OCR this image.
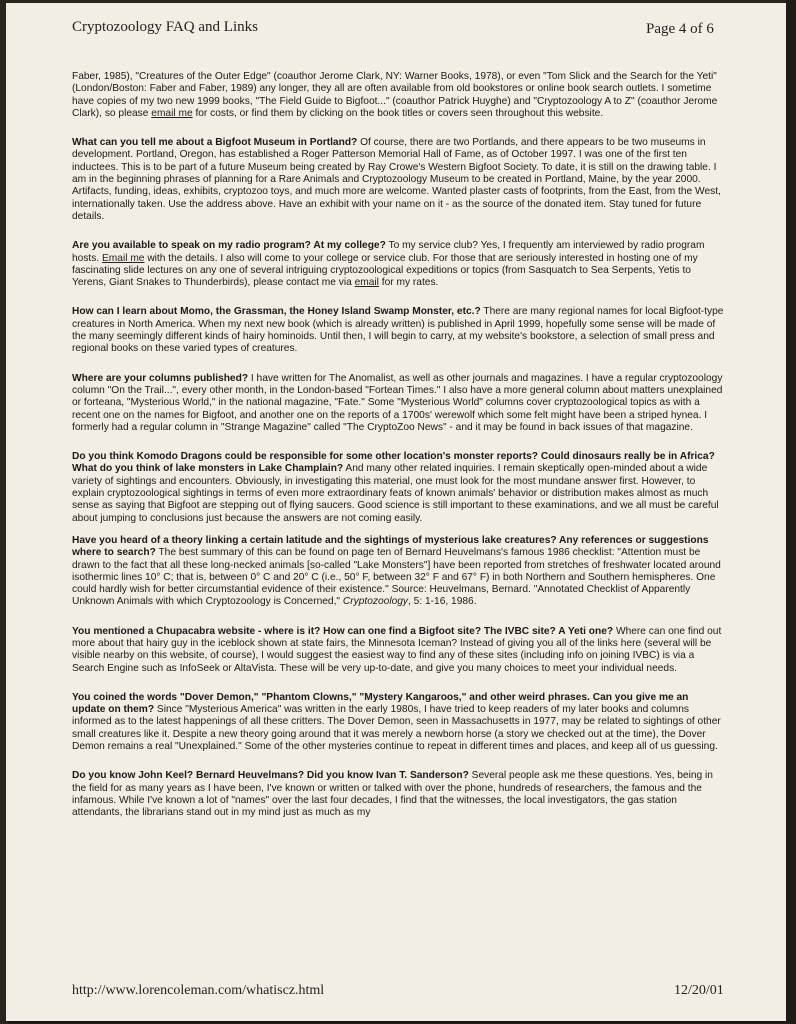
Cryptozoology FAQ and Links	Page 4 of 6

Faber, 1985), "Creatures of the Outer Edge" (coauthor Jerome Clark, NY: Warner Books, 1978), or even "Tom Slick and the Search for the Yeti" (London/Boston: Faber and Faber, 1989) any longer, they all are often available from old bookstores or online book search outlets. I sometime have copies of my two new 1999 books, "The Field Guide to Bigfoot..." (coauthor Patrick Huyghe) and "Cryptozoology A to Z" (coauthor Jerome Clark), so please email me for costs, or find them by clicking on the book titles or covers seen throughout this website.

What can you tell me about a Bigfoot Museum in Portland? Of course, there are two Portlands, and there appears to be two museums in development. Portland, Oregon, has established a Roger Patterson Memorial Hall of Fame, as of October 1997. I was one of the first ten inductees. This is to be part of a future Museum being created by Ray Crowe's Western Bigfoot Society. To date, it is still on the drawing table. I am in the beginning phrases of planning for a Rare Animals and Cryptozoology Museum to be created in Portland, Maine, by the year 2000. Artifacts, funding, ideas, exhibits, cryptozoo toys, and much more are welcome. Wanted plaster casts of footprints, from the East, from the West, internationally taken. Use the address above. Have an exhibit with your name on it - as the source of the donated item. Stay tuned for future details.

Are you available to speak on my radio program? At my college? To my service club? Yes, I frequently am interviewed by radio program hosts. Email me with the details. I also will come to your college or service club. For those that are seriously interested in hosting one of my fascinating slide lectures on any one of several intriguing cryptozoological expeditions or topics (from Sasquatch to Sea Serpents, Yetis to Yerens, Giant Snakes to Thunderbirds), please contact me via email for my rates.

How can I learn about Momo, the Grassman, the Honey Island Swamp Monster, etc.? There are many regional names for local Bigfoot-type creatures in North America. When my next new book (which is already written) is published in April 1999, hopefully some sense will be made of the many seemingly different kinds of hairy hominoids. Until then, I will begin to carry, at my website's bookstore, a selection of small press and regional books on these varied types of creatures.

Where are your columns published? I have written for The Anomalist, as well as other journals and magazines. I have a regular cryptozoology column "On the Trail...", every other month, in the London-based "Fortean Times." I also have a more general column about matters unexplained or forteana, "Mysterious World," in the national magazine, "Fate." Some "Mysterious World" columns cover cryptozoological topics as with a recent one on the names for Bigfoot, and another one on the reports of a 1700s' werewolf which some felt might have been a striped hynea. I formerly had a regular column in "Strange Magazine" called "The CryptoZoo News" - and it may be found in back issues of that magazine.

Do you think Komodo Dragons could be responsible for some other location's monster reports? Could dinosaurs really be in Africa? What do you think of lake monsters in Lake Champlain? And many other related inquiries. I remain skeptically open-minded about a wide variety of sightings and encounters. Obviously, in investigating this material, one must look for the most mundane answer first. However, to explain cryptozoological sightings in terms of even more extraordinary feats of known animals' behavior or distribution makes almost as much sense as saying that Bigfoot are stepping out of flying saucers. Good science is still important to these examinations, and we all must be careful about jumping to conclusions just because the answers are not coming easily.

Have you heard of a theory linking a certain latitude and the sightings of mysterious lake creatures? Any references or suggestions where to search? The best summary of this can be found on page ten of Bernard Heuvelmans's famous 1986 checklist: "Attention must be drawn to the fact that all these long-necked animals [so-called "Lake Monsters"] have been reported from stretches of freshwater located around isothermic lines 10° C; that is, between 0° C and 20° C (i.e., 50° F, between 32° F and 67° F) in both Northern and Southern hemispheres. One could hardly wish for better circumstantial evidence of their existence." Source: Heuvelmans, Bernard. "Annotated Checklist of Apparently Unknown Animals with which Cryptozoology is Concerned," Cryptozoology, 5: 1-16, 1986.

You mentioned a Chupacabra website - where is it? How can one find a Bigfoot site? The IVBC site? A Yeti one? Where can one find out more about that hairy guy in the iceblock shown at state fairs, the Minnesota Iceman? Instead of giving you all of the links here (several will be visible nearby on this website, of course), I would suggest the easiest way to find any of these sites (including info on joining IVBC) is via a Search Engine such as InfoSeek or AltaVista. These will be very up-to-date, and give you many choices to meet your individual needs.

You coined the words "Dover Demon," "Phantom Clowns," "Mystery Kangaroos," and other weird phrases. Can you give me an update on them? Since "Mysterious America" was written in the early 1980s, I have tried to keep readers of my later books and columns informed as to the latest happenings of all these critters. The Dover Demon, seen in Massachusetts in 1977, may be related to sightings of other small creatures like it. Despite a new theory going around that it was merely a newborn horse (a story we checked out at the time), the Dover Demon remains a real "Unexplained." Some of the other mysteries continue to repeat in different times and places, and keep all of us guessing.

Do you know John Keel? Bernard Heuvelmans? Did you know Ivan T. Sanderson? Several people ask me these questions. Yes, being in the field for as many years as I have been, I've known or written or talked with over the phone, hundreds of researchers, the famous and the infamous. While I've known a lot of "names" over the last four decades, I find that the witnesses, the local investigators, the gas station attendants, the librarians stand out in my mind just as much as my

http://www.lorencoleman.com/whatiscz.html	12/20/01
